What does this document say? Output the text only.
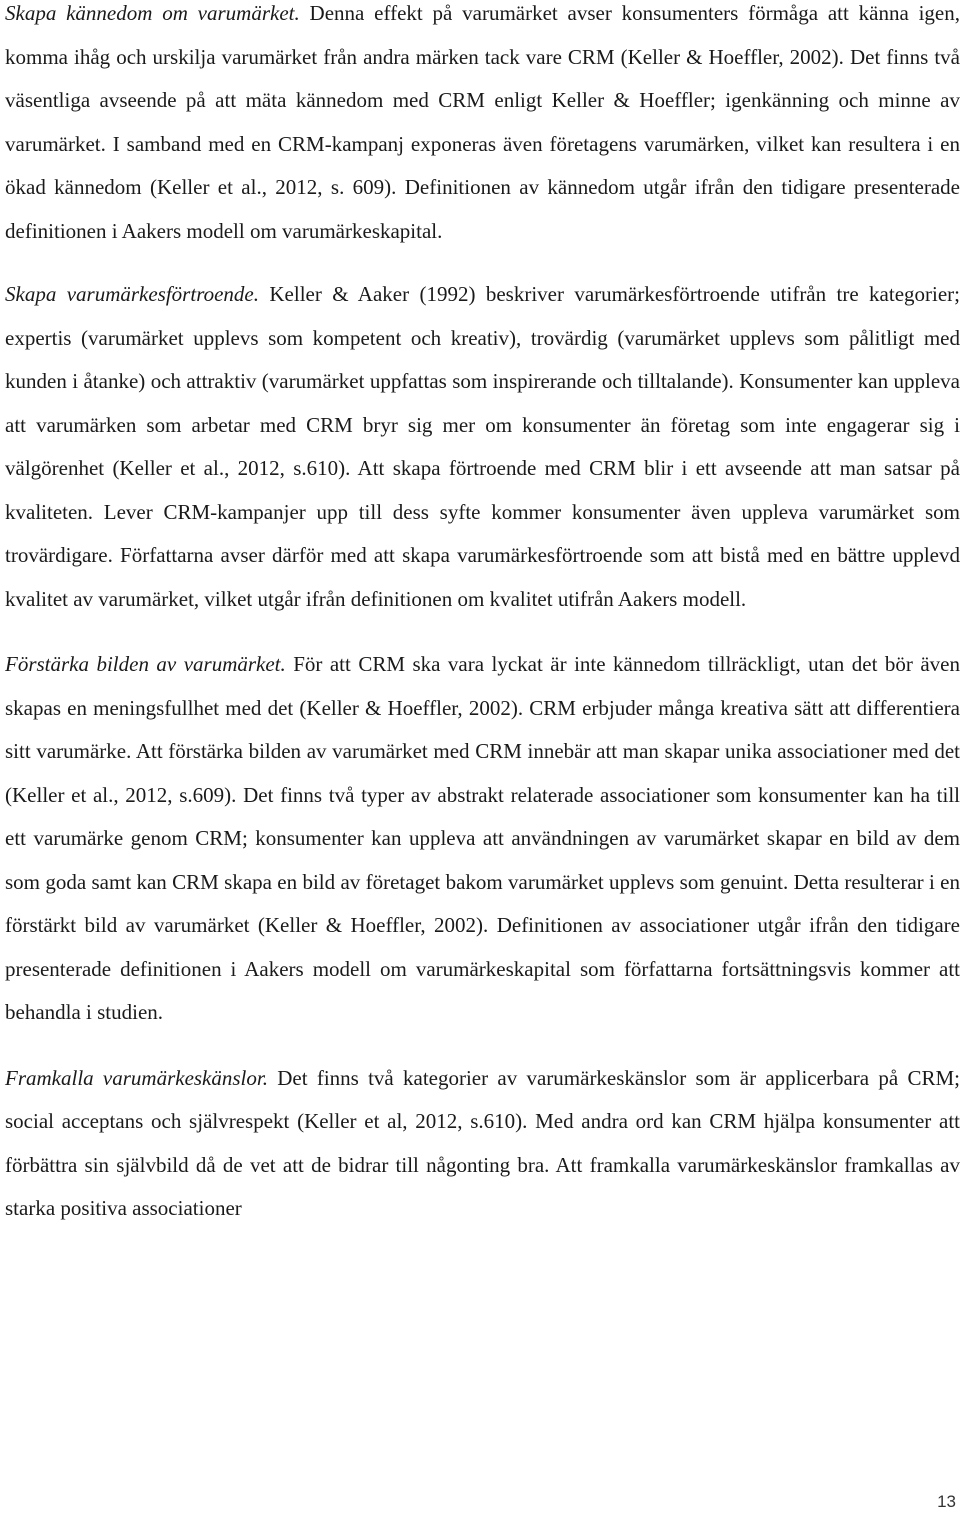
Skapa kännedom om varumärket. Denna effekt på varumärket avser konsumenters förmåga att känna igen, komma ihåg och urskilja varumärket från andra märken tack vare CRM (Keller & Hoeffler, 2002). Det finns två väsentliga avseende på att mäta kännedom med CRM enligt Keller & Hoeffler; igenkänning och minne av varumärket. I samband med en CRM-kampanj exponeras även företagens varumärken, vilket kan resultera i en ökad kännedom (Keller et al., 2012, s. 609). Definitionen av kännedom utgår ifrån den tidigare presenterade definitionen i Aakers modell om varumärkeskapital.

Skapa varumärkesförtroende. Keller & Aaker (1992) beskriver varumärkesförtroende utifrån tre kategorier; expertis (varumärket upplevs som kompetent och kreativ), trovärdig (varumärket upplevs som pålitligt med kunden i åtanke) och attraktiv (varumärket uppfattas som inspirerande och tilltalande). Konsumenter kan uppleva att varumärken som arbetar med CRM bryr sig mer om konsumenter än företag som inte engagerar sig i välgörenhet (Keller et al., 2012, s.610). Att skapa förtroende med CRM blir i ett avseende att man satsar på kvaliteten. Lever CRM-kampanjer upp till dess syfte kommer konsumenter även uppleva varumärket som trovärdigare. Författarna avser därför med att skapa varumärkesförtroende som att bistå med en bättre upplevd kvalitet av varumärket, vilket utgår ifrån definitionen om kvalitet utifrån Aakers modell.

Förstärka bilden av varumärket. För att CRM ska vara lyckat är inte kännedom tillräckligt, utan det bör även skapas en meningsfullhet med det (Keller & Hoeffler, 2002). CRM erbjuder många kreativa sätt att differentiera sitt varumärke. Att förstärka bilden av varumärket med CRM innebär att man skapar unika associationer med det (Keller et al., 2012, s.609). Det finns två typer av abstrakt relaterade associationer som konsumenter kan ha till ett varumärke genom CRM; konsumenter kan uppleva att användningen av varumärket skapar en bild av dem som goda samt kan CRM skapa en bild av företaget bakom varumärket upplevs som genuint. Detta resulterar i en förstärkt bild av varumärket (Keller & Hoeffler, 2002). Definitionen av associationer utgår ifrån den tidigare presenterade definitionen i Aakers modell om varumärkeskapital som författarna fortsättningsvis kommer att behandla i studien.

Framkalla varumärkeskänslor. Det finns två kategorier av varumärkeskänslor som är applicerbara på CRM; social acceptans och självrespekt (Keller et al, 2012, s.610). Med andra ord kan CRM hjälpa konsumenter att förbättra sin självbild då de vet att de bidrar till någonting bra. Att framkalla varumärkeskänslor framkallas av starka positiva associationer

13
